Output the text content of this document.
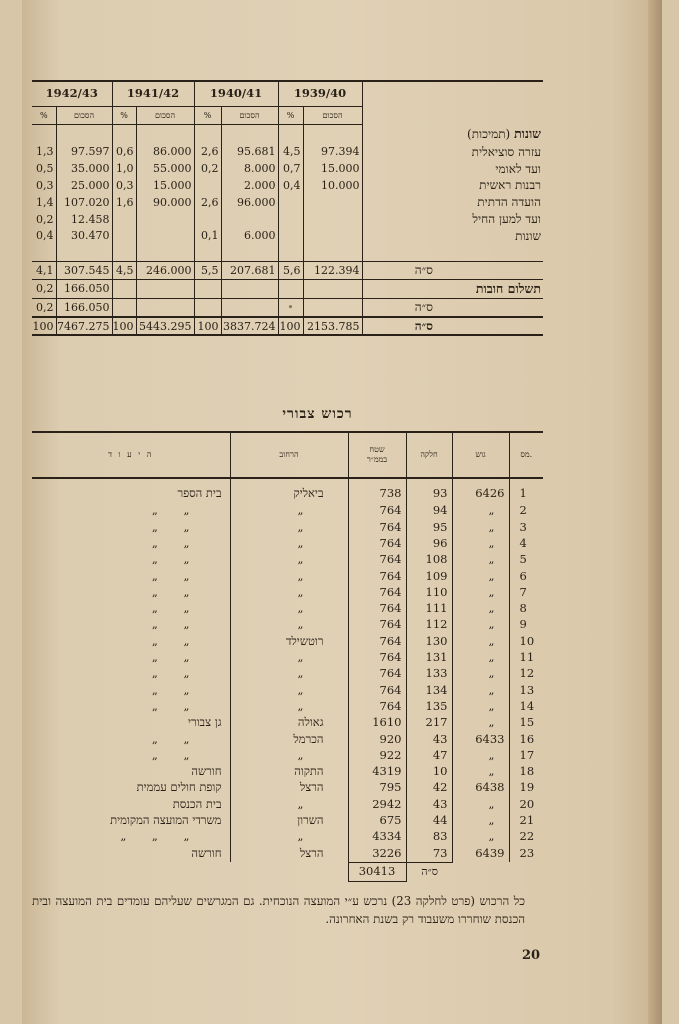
1942/43		1941/42		1940/41		1939/40		
%	הסכום	%	הסכום	%	הסכום	%	הסכום	
								שונות (תמיכות)
1,3	97.597	0,6	86.000	2,6	95.681	4,5	97.394	עזרה סוציאלית
0,5	35.000	1,0	55.000	0,2	8.000	0,7	15.000	ועד לאומי
0,3	25.000	0,3	15.000		2.000	0,4	10.000	רבנות ראשית
1,4	107.020	1,6	90.000	2,6	96.000			הועדה הדתית
0,2	12.458							ועד למען החיל
0,4	30.470			0,1	6.000			שונות

4,1	307.545	4,5	246.000	5,5	207.681	5,6	122.394	ס״ה
0,2	166.050							תשלום חובות
0,2	166.050					•		ס״ה
100	7467.275	100	5443.295	100	3837.724	100	2153.785	ס״ה
רכוש צבורי
ה י ע ו ד	הרחוב	שטח
בממ״ר	חלקה	גוש	מס.
בית הספר	ביאליק	738	93	6426	1
„ „	„	764	94	„	2
„ „	„	764	95	„	3
„ „	„	764	96	„	4
„ „	„	764	108	„	5
„ „	„	764	109	„	6
„ „	„	764	110	„	7
„ „	„	764	111	„	8
„ „	„	764	112	„	9
„ „	רוטשילד	764	130	„	10
„ „	„	764	131	„	11
„ „	„	764	133	„	12
„ „	„	764	134	„	13
„ „	„	764	135	„	14
גן צבורי	גאולה	1610	217	„	15
„ „	הכרמל	920	43	6433	16
„ „	„	922	47	„	17
חורשה	התקוה	4319	10	„	18
קופת חולים עממית	הרצל	795	42	6438	19
בית הכנסת	„	2942	43	„	20
משרדי המועצה המקומית	השרון	675	44	„	21
„ „ „	„	4334	83	„	22
חורשה	הרצל	3226	73	6439	23
		30413	ס״ה		
כל הרכוש (פרט לחלקה 23) נרכש ע״י המועצה הנוכחית. גם המגרשים שעליהם עומדים בית המועצה ובית הכנסת שוחררו משעבוד רק בשנת האחרונה.
20
